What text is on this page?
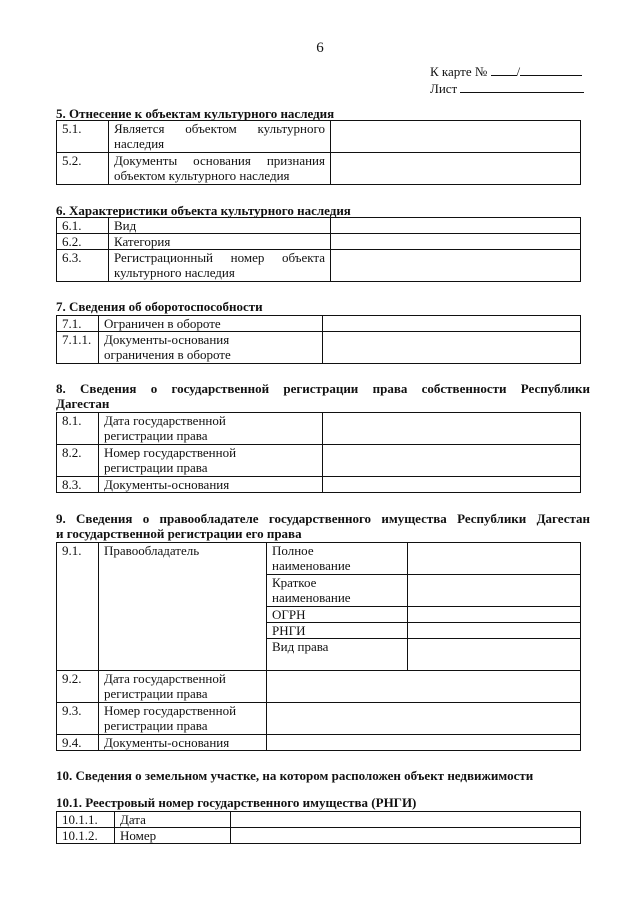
6
К карте № /
Лист
5. Отнесение к объектам культурного наследия
5.1.	Является объектом культурного
наследия	

5.2.	Документы основания признания
объектом культурного наследия	

6. Характеристики объекта культурного наследия
6.1.	Вид	
6.2.	Категория	
6.3.	Регистрационный номер объекта
культурного наследия	

7. Сведения об оборотоспособности
7.1.	Ограничен в обороте	
7.1.1.	Документы-основания
ограничения в обороте	

8. Сведения о государственной регистрации права собственности Республики
Дагестан
8.1.	Дата государственной
регистрации права	

8.2.	Номер государственной
регистрации права	

8.3.	Документы-основания	
9. Сведения о правообладателе государственного имущества Республики Дагестан
и государственной регистрации его права
9.1.	Правообладатель	Полное
наименование	

		Краткое
наименование	

		ОГРН	
		РНГИ	
		Вид права	
9.2.	Дата государственной
регистрации права		

9.3.	Номер государственной
регистрации права		

9.4.	Документы-основания		
10. Сведения о земельном участке, на котором расположен объект недвижимости
10.1. Реестровый номер государственного имущества (РНГИ)
10.1.1.	Дата	
10.1.2.	Номер	
